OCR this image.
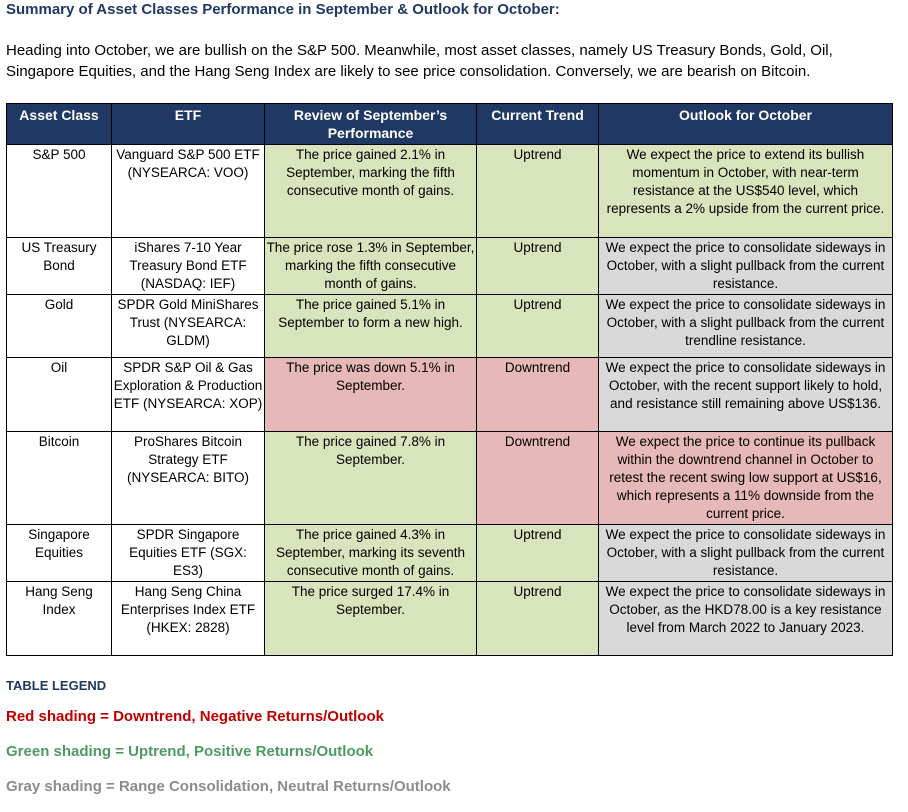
Summary of Asset Classes Performance in September & Outlook for October:
Heading into October, we are bullish on the S&P 500. Meanwhile, most asset classes, namely US Treasury Bonds, Gold, Oil, Singapore Equities, and the Hang Seng Index are likely to see price consolidation. Conversely, we are bearish on Bitcoin.
Asset Class	ETF	Review of September’s Performance	Current Trend	Outlook for October
S&P 500	Vanguard S&P 500 ETF (NYSEARCA: VOO)	The price gained 2.1% in September, marking the fifth consecutive month of gains.	Uptrend	We expect the price to extend its bullish momentum in October, with near-term resistance at the US$540 level, which represents a 2% upside from the current price.
US Treasury Bond	iShares 7-10 Year Treasury Bond ETF (NASDAQ: IEF)	The price rose 1.3% in September, marking the fifth consecutive month of gains.	Uptrend	We expect the price to consolidate sideways in October, with a slight pullback from the current resistance.
Gold	SPDR Gold MiniShares Trust (NYSEARCA: GLDM)	The price gained 5.1% in September to form a new high.	Uptrend	We expect the price to consolidate sideways in October, with a slight pullback from the current trendline resistance.
Oil	SPDR S&P Oil & Gas Exploration & Production ETF (NYSEARCA: XOP)	The price was down 5.1% in September.	Downtrend	We expect the price to consolidate sideways in October, with the recent support likely to hold, and resistance still remaining above US$136.
Bitcoin	ProShares Bitcoin Strategy ETF (NYSEARCA: BITO)	The price gained 7.8% in September.	Downtrend	We expect the price to continue its pullback within the downtrend channel in October to retest the recent swing low support at US$16, which represents a 11% downside from the current price.
Singapore Equities	SPDR Singapore Equities ETF (SGX: ES3)	The price gained 4.3% in September, marking its seventh consecutive month of gains.	Uptrend	We expect the price to consolidate sideways in October, with a slight pullback from the current resistance.
Hang Seng Index	Hang Seng China Enterprises Index ETF (HKEX: 2828)	The price surged 17.4% in September.	Uptrend	We expect the price to consolidate sideways in October, as the HKD78.00 is a key resistance level from March 2022 to January 2023.
TABLE LEGEND
Red shading = Downtrend, Negative Returns/Outlook
Green shading = Uptrend, Positive Returns/Outlook
Gray shading = Range Consolidation, Neutral Returns/Outlook
